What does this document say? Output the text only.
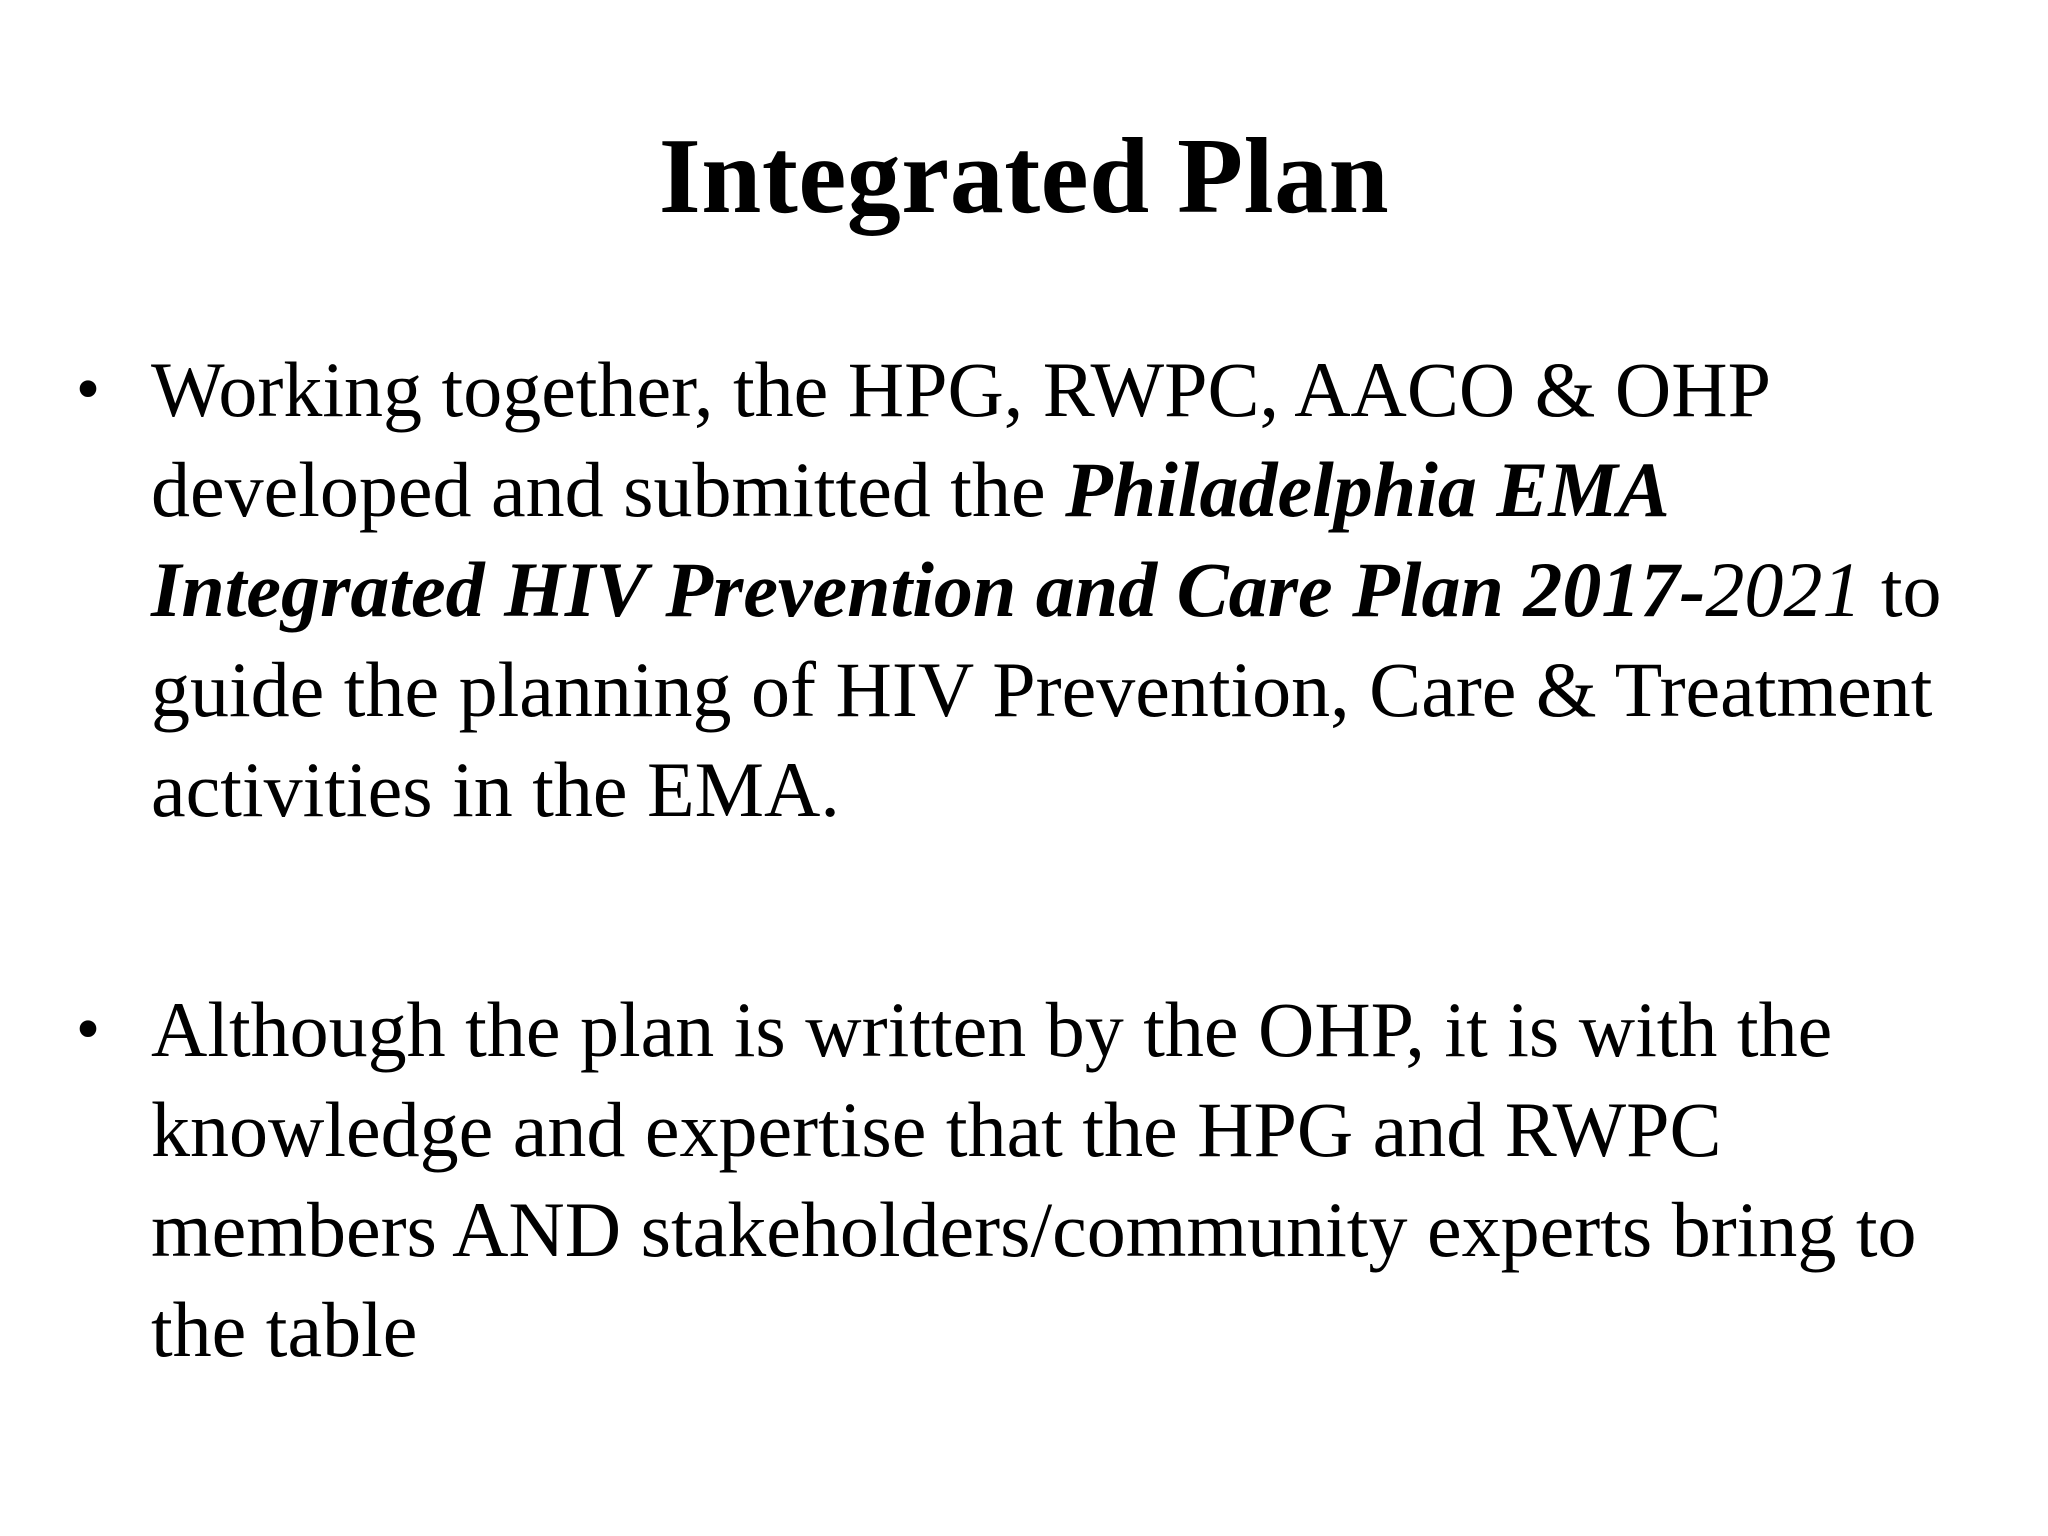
Integrated Plan
• Working together, the HPG, RWPC, AACO & OHP developed and submitted the Philadelphia EMA Integrated HIV Prevention and Care Plan 2017-2021 to guide the planning of HIV Prevention, Care & Treatment activities in the EMA.
• Although the plan is written by the OHP, it is with the knowledge and expertise that the HPG and RWPC members AND stakeholders/community experts bring to the table
